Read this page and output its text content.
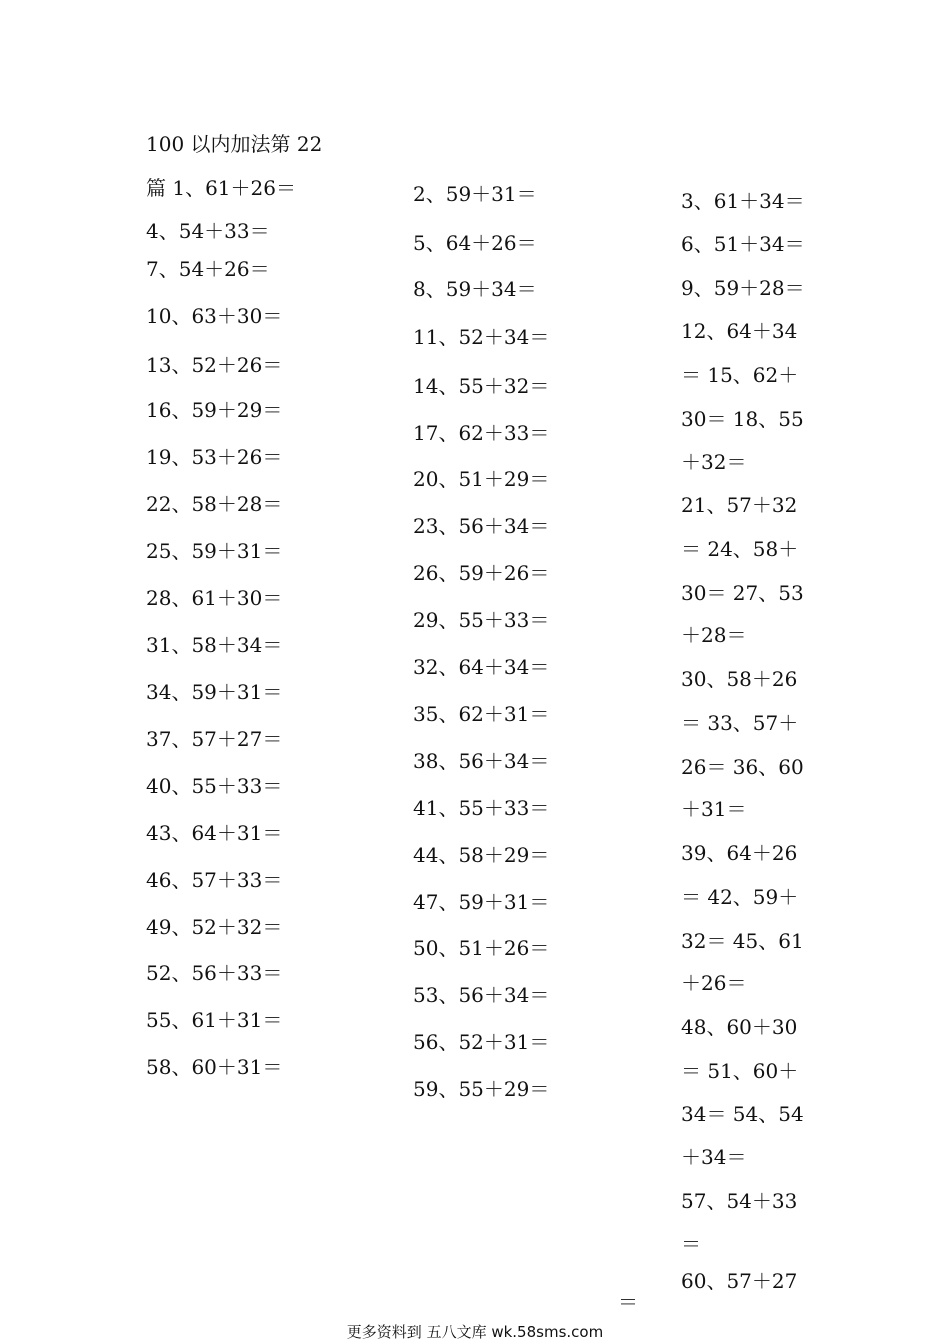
100 以内加法第 22
篇 1、61＋26＝
4、54＋33＝
7、54＋26＝
10、63＋30＝
13、52＋26＝
16、59＋29＝
19、53＋26＝
22、58＋28＝
25、59＋31＝
28、61＋30＝
31、58＋34＝
34、59＋31＝
37、57＋27＝
40、55＋33＝
43、64＋31＝
46、57＋33＝
49、52＋32＝
52、56＋33＝
55、61＋31＝
58、60＋31＝
2、59＋31＝
5、64＋26＝
8、59＋34＝
11、52＋34＝
14、55＋32＝
17、62＋33＝
20、51＋29＝
23、56＋34＝
26、59＋26＝
29、55＋33＝
32、64＋34＝
35、62＋31＝
38、56＋34＝
41、55＋33＝
44、58＋29＝
47、59＋31＝
50、51＋26＝
53、56＋34＝
56、52＋31＝
59、55＋29＝
3、61＋34＝
6、51＋34＝
9、59＋28＝
12、64＋34
＝ 15、62＋
30＝ 18、55
＋32＝
21、57＋32
＝ 24、58＋
30＝ 27、53
＋28＝
30、58＋26
＝ 33、57＋
26＝ 36、60
＋31＝
39、64＋26
＝ 42、59＋
32＝ 45、61
＋26＝
48、60＋30
＝ 51、60＋
34＝ 54、54
＋34＝
57、54＋33
＝
60、57＋27
＝
更多资料到 五八文库 wk.58sms.com
